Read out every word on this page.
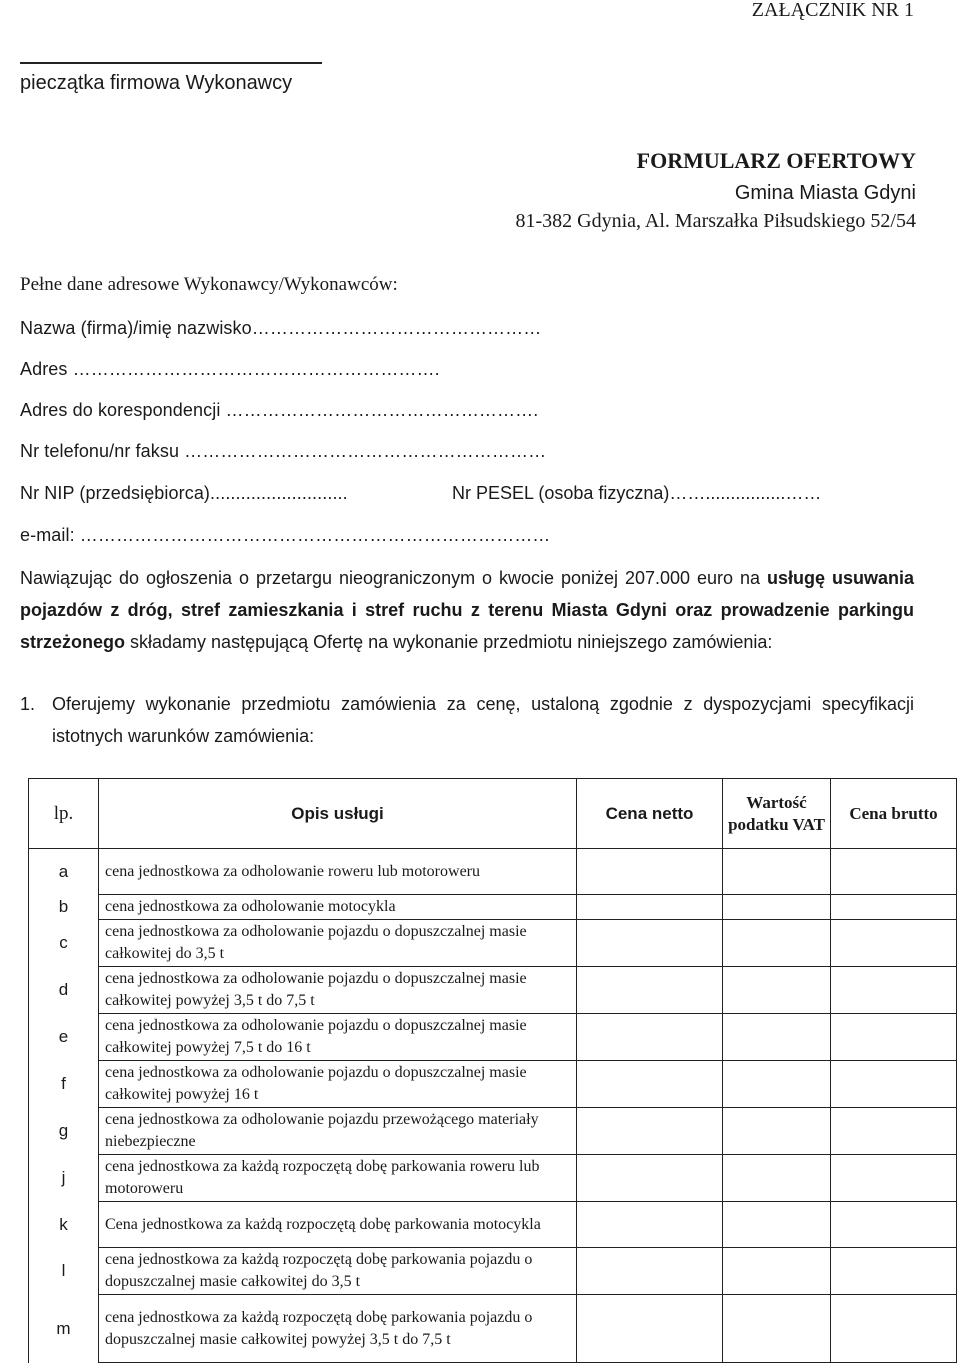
ZAŁĄCZNIK NR 1
pieczątka firmowa Wykonawcy
FORMULARZ OFERTOWY
Gmina Miasta Gdyni
81-382 Gdynia, Al. Marszałka Piłsudskiego 52/54
Pełne dane adresowe Wykonawcy/Wykonawców:
Nazwa (firma)/imię nazwisko…………………………………………
Adres …………………………………………………….
Adres do korespondencji …………………………………………….
Nr telefonu/nr faksu ……………………………………………………
Nr NIP (przedsiębiorca)...........................	Nr PESEL (osoba fizyczna)……................……
e-mail: ……………………………………………………………………
Nawiązując do ogłoszenia o przetargu nieograniczonym o kwocie poniżej 207.000 euro na usługę usuwania pojazdów z dróg, stref zamieszkania i stref ruchu z terenu Miasta Gdyni oraz prowadzenie parkingu strzeżonego składamy następującą Ofertę na wykonanie przedmiotu niniejszego zamówienia:
1. Oferujemy wykonanie przedmiotu zamówienia za cenę, ustaloną zgodnie z dyspozycjami specyfikacji istotnych warunków zamówienia:
lp.	Opis usługi	Cena netto	Wartość podatku VAT	Cena brutto
a	cena jednostkowa za odholowanie roweru lub motoroweru			
b	cena jednostkowa za odholowanie motocykla			
c	cena jednostkowa za odholowanie pojazdu o dopuszczalnej masie całkowitej do 3,5 t			
d	cena jednostkowa za odholowanie pojazdu o dopuszczalnej masie całkowitej powyżej 3,5 t do 7,5 t			
e	cena jednostkowa za odholowanie pojazdu o dopuszczalnej masie całkowitej powyżej 7,5 t do 16 t			
f	cena jednostkowa za odholowanie pojazdu o dopuszczalnej masie całkowitej powyżej 16 t			
g	cena jednostkowa za odholowanie pojazdu przewożącego materiały niebezpieczne			
j	cena jednostkowa za każdą rozpoczętą dobę parkowania roweru lub motoroweru			
k	Cena jednostkowa za każdą rozpoczętą dobę parkowania motocykla			
l	cena jednostkowa za każdą rozpoczętą dobę parkowania pojazdu o dopuszczalnej masie całkowitej do 3,5 t			
m	cena jednostkowa za każdą rozpoczętą dobę parkowania pojazdu o dopuszczalnej masie całkowitej powyżej 3,5 t do 7,5 t			
